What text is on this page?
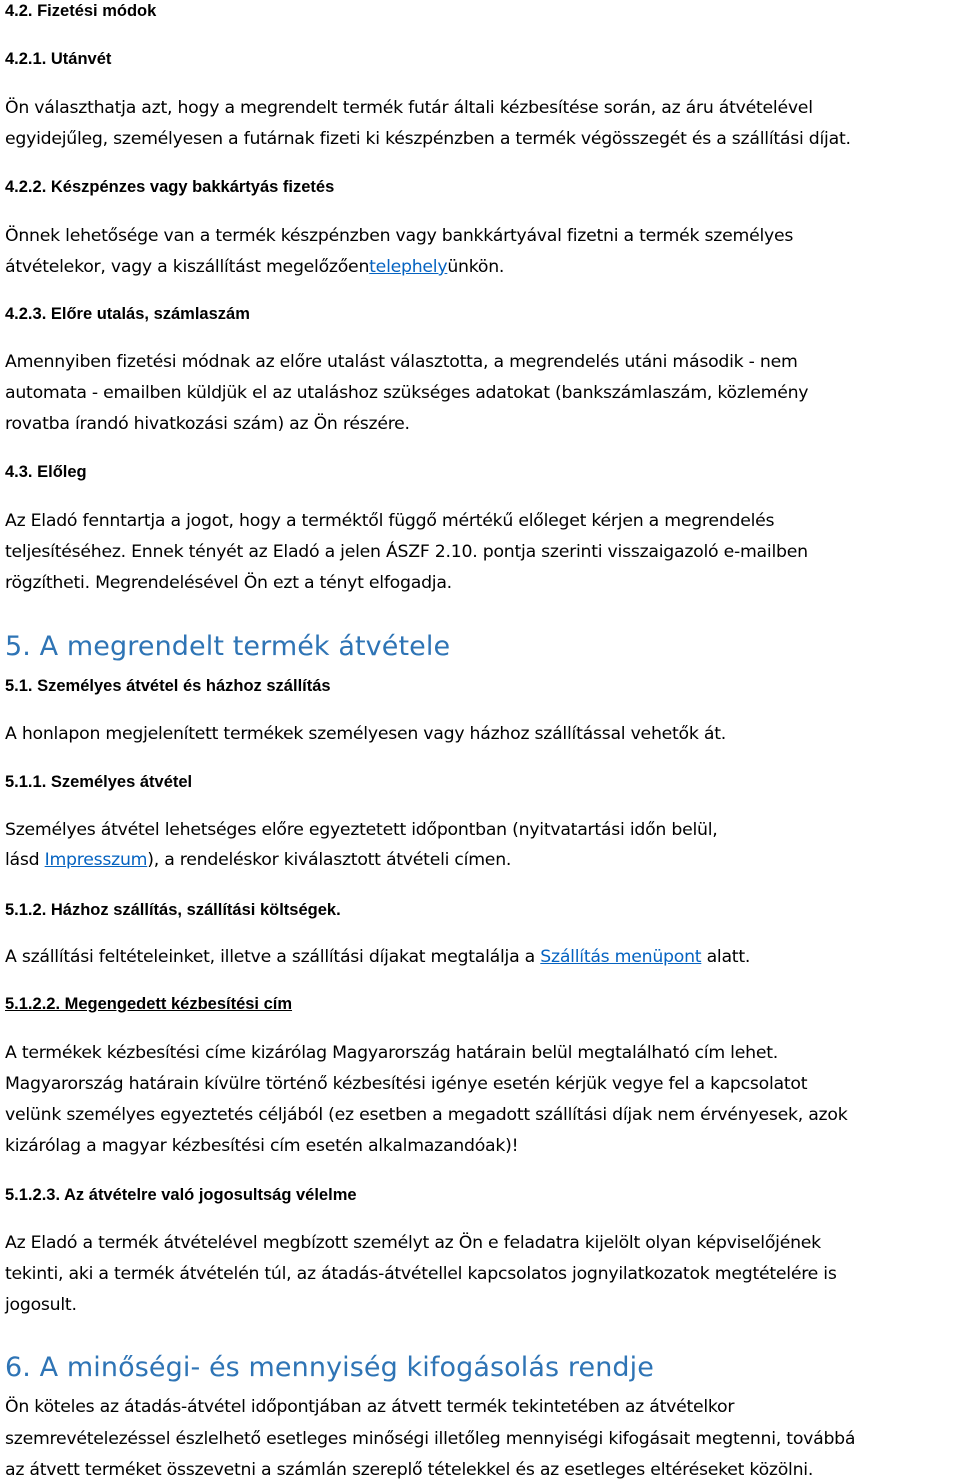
4.2. Fizetési módok
4.2.1. Utánvét
Ön választhatja azt, hogy a megrendelt termék futár általi kézbesítése során, az áru átvételével
egyidejűleg, személyesen a futárnak fizeti ki készpénzben a termék végösszegét és a szállítási díjat.
4.2.2. Készpénzes vagy bakkártyás fizetés
Önnek lehetősége van a termék készpénzben vagy bankkártyával fizetni a termék személyes
átvételekor, vagy a kiszállítást megelőzőentelephelyünkön.
4.2.3. Előre utalás, számlaszám
Amennyiben fizetési módnak az előre utalást választotta, a megrendelés utáni második - nem
automata - emailben küldjük el az utaláshoz szükséges adatokat (bankszámlaszám, közlemény
rovatba írandó hivatkozási szám) az Ön részére.
4.3. Előleg
Az Eladó fenntartja a jogot, hogy a terméktől függő mértékű előleget kérjen a megrendelés
teljesítéséhez. Ennek tényét az Eladó a jelen ÁSZF 2.10. pontja szerinti visszaigazoló e-mailben
rögzítheti. Megrendelésével Ön ezt a tényt elfogadja.
5. A megrendelt termék átvétele
5.1. Személyes átvétel és házhoz szállítás
A honlapon megjelenített termékek személyesen vagy házhoz szállítással vehetők át.
5.1.1. Személyes átvétel
Személyes átvétel lehetséges előre egyeztetett időpontban (nyitvatartási időn belül,
lásd Impresszum), a rendeléskor kiválasztott átvételi címen.
5.1.2. Házhoz szállítás, szállítási költségek.
A szállítási feltételeinket, illetve a szállítási díjakat megtalálja a Szállítás menüpont alatt.
5.1.2.2. Megengedett kézbesítési cím
A termékek kézbesítési címe kizárólag Magyarország határain belül megtalálható cím lehet.
Magyarország határain kívülre történő kézbesítési igénye esetén kérjük vegye fel a kapcsolatot
velünk személyes egyeztetés céljából (ez esetben a megadott szállítási díjak nem érvényesek, azok
kizárólag a magyar kézbesítési cím esetén alkalmazandóak)!
5.1.2.3. Az átvételre való jogosultság vélelme
Az Eladó a termék átvételével megbízott személyt az Ön e feladatra kijelölt olyan képviselőjének
tekinti, aki a termék átvételén túl, az átadás-átvétellel kapcsolatos jognyilatkozatok megtételére is
jogosult.
6. A minőségi- és mennyiség kifogásolás rendje
Ön köteles az átadás-átvétel időpontjában az átvett termék tekintetében az átvételkor
szemrevételezéssel észlelhető esetleges minőségi illetőleg mennyiségi kifogásait megtenni, továbbá
az átvett terméket összevetni a számlán szereplő tételekkel és az esetleges eltéréseket közölni.
